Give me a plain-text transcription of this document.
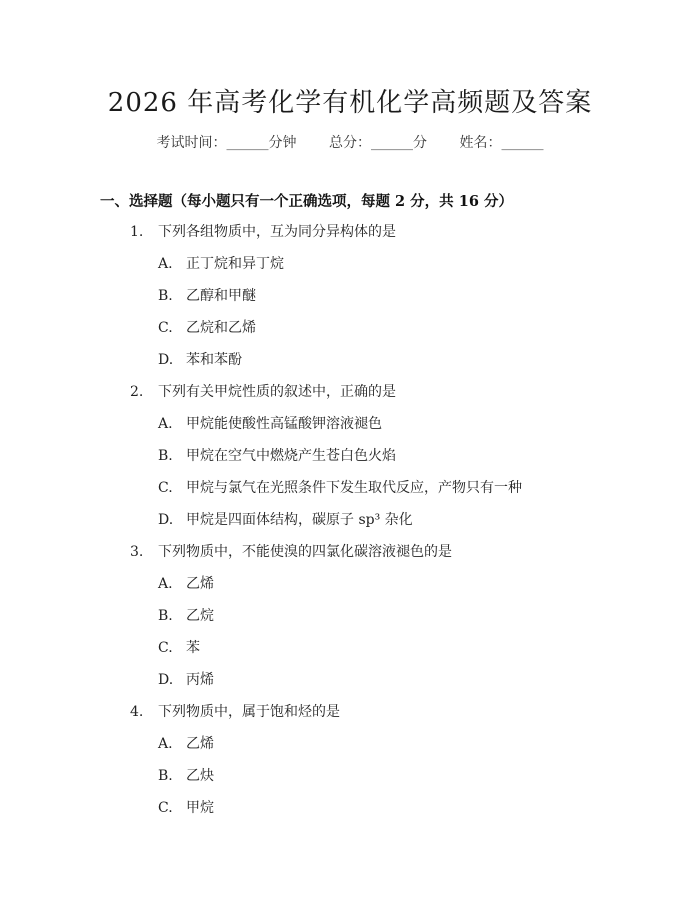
2026 年高考化学有机化学高频题及答案
考试时间：______分钟 总分：______分 姓名：______
一、选择题（每小题只有一个正确选项，每题 2 分，共 16 分）
1. 下列各组物质中，互为同分异构体的是
A. 正丁烷和异丁烷
B. 乙醇和甲醚
C. 乙烷和乙烯
D. 苯和苯酚
2. 下列有关甲烷性质的叙述中，正确的是
A. 甲烷能使酸性高锰酸钾溶液褪色
B. 甲烷在空气中燃烧产生苍白色火焰
C. 甲烷与氯气在光照条件下发生取代反应，产物只有一种
D. 甲烷是四面体结构，碳原子 sp³ 杂化
3. 下列物质中，不能使溴的四氯化碳溶液褪色的是
A. 乙烯
B. 乙烷
C. 苯
D. 丙烯
4. 下列物质中，属于饱和烃的是
A. 乙烯
B. 乙炔
C. 甲烷
